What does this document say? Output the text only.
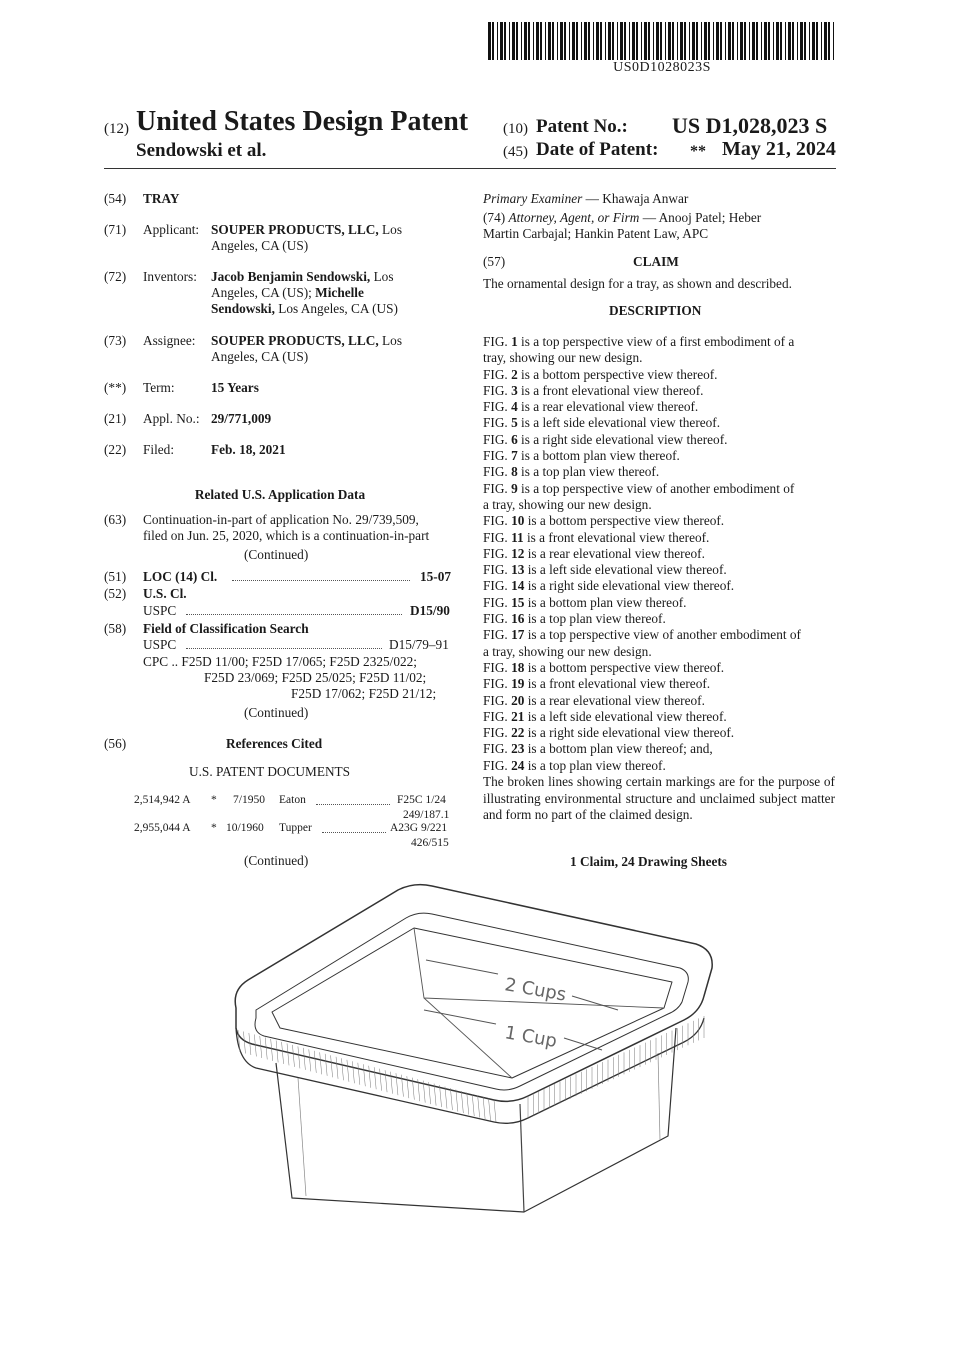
US0D1028023S
(12) United States Design Patent
Sendowski et al.
(10) Patent No.: US D1,028,023 S
(45) Date of Patent: ** May 21, 2024
(54) TRAY
(71) Applicant: SOUPER PRODUCTS, LLC, Los
Angeles, CA (US)
(72) Inventors: Jacob Benjamin Sendowski, Los
Angeles, CA (US); Michelle
Sendowski, Los Angeles, CA (US)
(73) Assignee: SOUPER PRODUCTS, LLC, Los
Angeles, CA (US)
(**) Term:	15 Years
(21) Appl. No.: 29/771,009
(22) Filed:	Feb. 18, 2021
Related U.S. Application Data
(63) Continuation-in-part of application No. 29/739,509,
filed on Jun. 25, 2020, which is a continuation-in-part
(Continued)
(51) LOC (14) Cl.	15-07
(52) U.S. Cl.
USPC	D15/90
(58) Field of Classification Search
USPC	D15/79–91
CPC .. F25D 11/00; F25D 17/065; F25D 2325/022;
F25D 23/069; F25D 25/025; F25D 11/02;
F25D 17/062; F25D 21/12;
(Continued)
(56)	References Cited
U.S. PATENT DOCUMENTS
2,514,942 A * 7/1950 Eaton	F25C 1/24
249/187.1
2,955,044 A * 10/1960 Tupper	A23G 9/221
426/515
(Continued)
Primary Examiner — Khawaja Anwar
(74) Attorney, Agent, or Firm — Anooj Patel; Heber
Martin Carbajal; Hankin Patent Law, APC
(57)	CLAIM
The ornamental design for a tray, as shown and described.
DESCRIPTION
FIG. 1 is a top perspective view of a first embodiment of a
tray, showing our new design.
FIG. 2 is a bottom perspective view thereof.
FIG. 3 is a front elevational view thereof.
FIG. 4 is a rear elevational view thereof.
FIG. 5 is a left side elevational view thereof.
FIG. 6 is a right side elevational view thereof.
FIG. 7 is a bottom plan view thereof.
FIG. 8 is a top plan view thereof.
FIG. 9 is a top perspective view of another embodiment of
a tray, showing our new design.
FIG. 10 is a bottom perspective view thereof.
FIG. 11 is a front elevational view thereof.
FIG. 12 is a rear elevational view thereof.
FIG. 13 is a left side elevational view thereof.
FIG. 14 is a right side elevational view thereof.
FIG. 15 is a bottom plan view thereof.
FIG. 16 is a top plan view thereof.
FIG. 17 is a top perspective view of another embodiment of
a tray, showing our new design.
FIG. 18 is a bottom perspective view thereof.
FIG. 19 is a front elevational view thereof.
FIG. 20 is a rear elevational view thereof.
FIG. 21 is a left side elevational view thereof.
FIG. 22 is a right side elevational view thereof.
FIG. 23 is a bottom plan view thereof; and,
FIG. 24 is a top plan view thereof.
The broken lines showing certain markings are for the purpose of illustrating environmental structure and unclaimed subject matter and form no part of the claimed design.
1 Claim, 24 Drawing Sheets
2 Cups
1 Cup
